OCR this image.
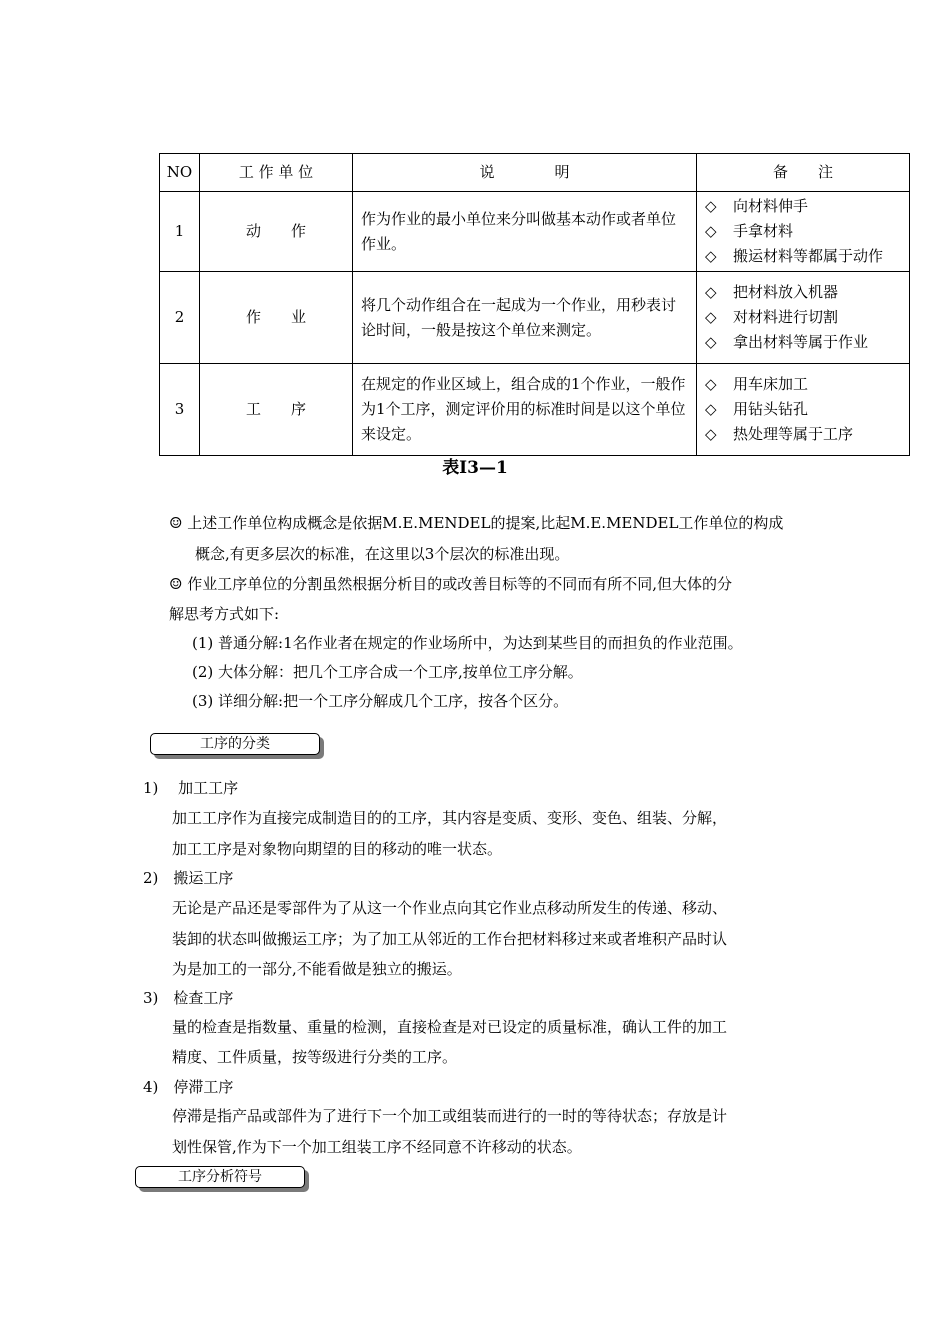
NO	工 作 单 位	说　　　　明	备　　注
1	动　　作	作为作业的最小单位来分叫做基本动作或者单位作业。	◇ 向材料伸手
◇ 手拿材料
◇ 搬运材料等都属于动作

2	作　　业	将几个动作组合在一起成为一个作业，用秒表讨论时间，一般是按这个单位来测定。	◇ 把材料放入机器
◇ 对材料进行切割
◇ 拿出材料等属于作业

3	工　　序	在规定的作业区域上，组合成的1个作业，一般作为1个工序，测定评价用的标准时间是以这个单位来设定。	◇ 用车床加工
◇ 用钻头钻孔
◇ 热处理等属于工序
表I3—1
☺ 上述工作单位构成概念是依据M.E.MENDEL的提案,比起M.E.MENDEL工作单位的构成
概念,有更多层次的标准，在这里以3个层次的标准出现。
☺ 作业工序单位的分割虽然根据分析目的或改善目标等的不同而有所不同,但大体的分
解思考方式如下:
(1) 普通分解:1名作业者在规定的作业场所中，为达到某些目的而担负的作业范围。
(2) 大体分解：把几个工序合成一个工序,按单位工序分解。
(3) 详细分解:把一个工序分解成几个工序，按各个区分。
工序的分类
1)　 加工工序
加工工序作为直接完成制造目的的工序，其内容是变质、变形、变色、组装、分解，
加工工序是对象物向期望的目的移动的唯一状态。
2)　搬运工序
无论是产品还是零部件为了从这一个作业点向其它作业点移动所发生的传递、移动、
装卸的状态叫做搬运工序；为了加工从邻近的工作台把材料移过来或者堆积产品时认
为是加工的一部分,不能看做是独立的搬运。
3)　检查工序
量的检查是指数量、重量的检测，直接检查是对已设定的质量标准，确认工件的加工
精度、工件质量，按等级进行分类的工序。
4)　停滞工序
停滞是指产品或部件为了进行下一个加工或组装而进行的一时的等待状态；存放是计
划性保管,作为下一个加工组装工序不经同意不许移动的状态。
工序分析符号
